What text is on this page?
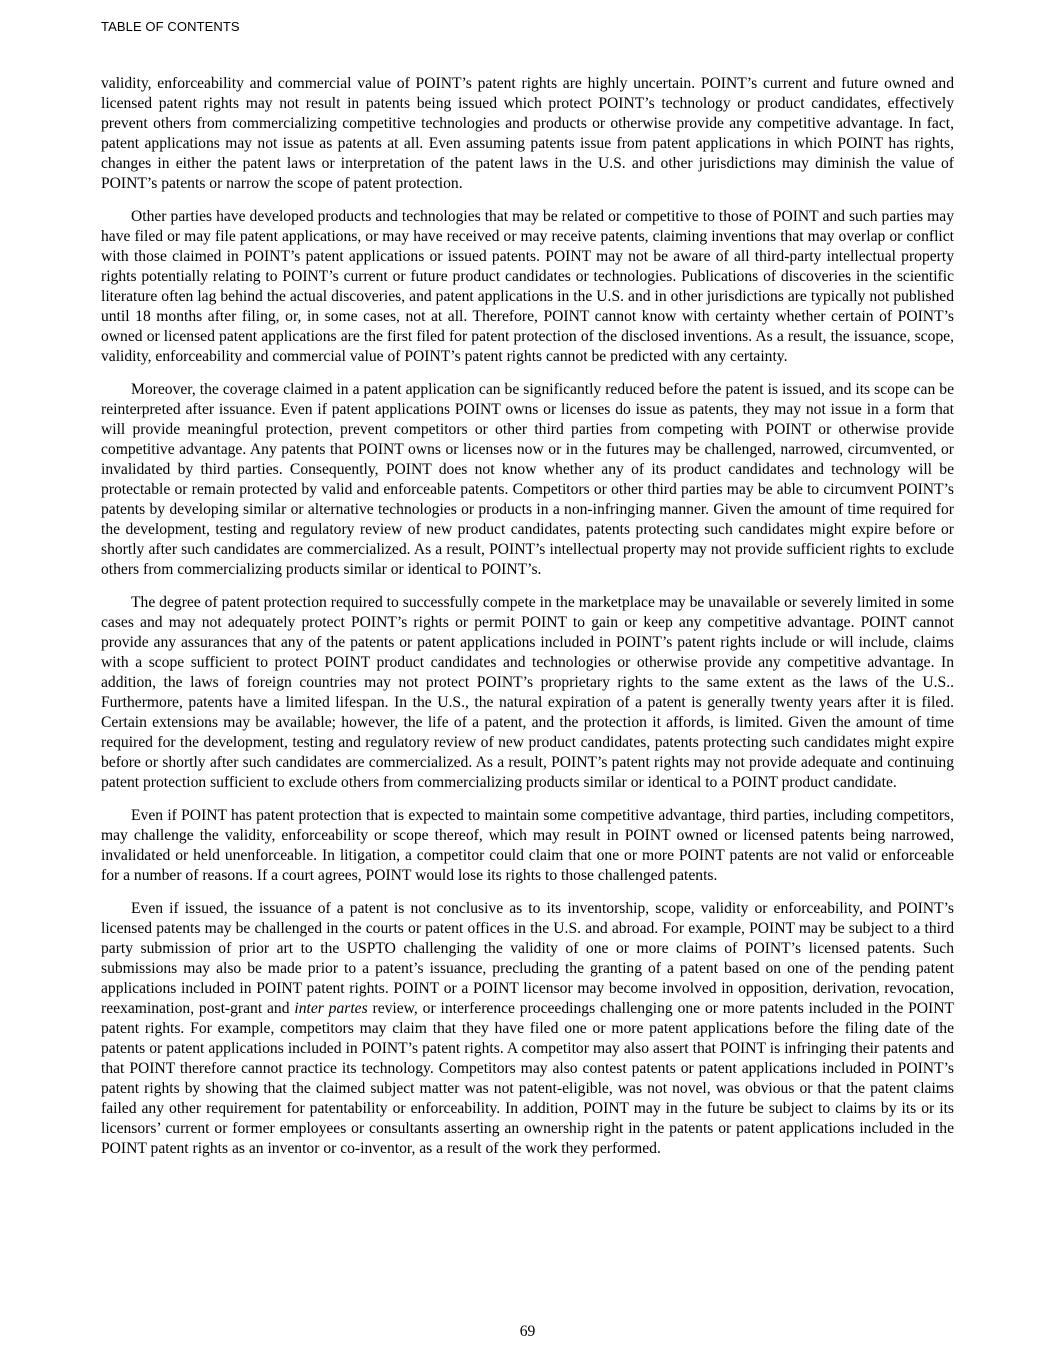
TABLE OF CONTENTS

validity, enforceability and commercial value of POINT’s patent rights are highly uncertain. POINT’s current and future owned and licensed patent rights may not result in patents being issued which protect POINT’s technology or product candidates, effectively prevent others from commercializing competitive technologies and products or otherwise provide any competitive advantage. In fact, patent applications may not issue as patents at all. Even assuming patents issue from patent applications in which POINT has rights, changes in either the patent laws or interpretation of the patent laws in the U.S. and other jurisdictions may diminish the value of POINT’s patents or narrow the scope of patent protection.

Other parties have developed products and technologies that may be related or competitive to those of POINT and such parties may have filed or may file patent applications, or may have received or may receive patents, claiming inventions that may overlap or conflict with those claimed in POINT’s patent applications or issued patents. POINT may not be aware of all third-party intellectual property rights potentially relating to POINT’s current or future product candidates or technologies. Publications of discoveries in the scientific literature often lag behind the actual discoveries, and patent applications in the U.S. and in other jurisdictions are typically not published until 18 months after filing, or, in some cases, not at all. Therefore, POINT cannot know with certainty whether certain of POINT’s owned or licensed patent applications are the first filed for patent protection of the disclosed inventions. As a result, the issuance, scope, validity, enforceability and commercial value of POINT’s patent rights cannot be predicted with any certainty.

Moreover, the coverage claimed in a patent application can be significantly reduced before the patent is issued, and its scope can be reinterpreted after issuance. Even if patent applications POINT owns or licenses do issue as patents, they may not issue in a form that will provide meaningful protection, prevent competitors or other third parties from competing with POINT or otherwise provide competitive advantage. Any patents that POINT owns or licenses now or in the futures may be challenged, narrowed, circumvented, or invalidated by third parties. Consequently, POINT does not know whether any of its product candidates and technology will be protectable or remain protected by valid and enforceable patents. Competitors or other third parties may be able to circumvent POINT’s patents by developing similar or alternative technologies or products in a non-infringing manner. Given the amount of time required for the development, testing and regulatory review of new product candidates, patents protecting such candidates might expire before or shortly after such candidates are commercialized. As a result, POINT’s intellectual property may not provide sufficient rights to exclude others from commercializing products similar or identical to POINT’s.

The degree of patent protection required to successfully compete in the marketplace may be unavailable or severely limited in some cases and may not adequately protect POINT’s rights or permit POINT to gain or keep any competitive advantage. POINT cannot provide any assurances that any of the patents or patent applications included in POINT’s patent rights include or will include, claims with a scope sufficient to protect POINT product candidates and technologies or otherwise provide any competitive advantage. In addition, the laws of foreign countries may not protect POINT’s proprietary rights to the same extent as the laws of the U.S.. Furthermore, patents have a limited lifespan. In the U.S., the natural expiration of a patent is generally twenty years after it is filed. Certain extensions may be available; however, the life of a patent, and the protection it affords, is limited. Given the amount of time required for the development, testing and regulatory review of new product candidates, patents protecting such candidates might expire before or shortly after such candidates are commercialized. As a result, POINT’s patent rights may not provide adequate and continuing patent protection sufficient to exclude others from commercializing products similar or identical to a POINT product candidate.

Even if POINT has patent protection that is expected to maintain some competitive advantage, third parties, including competitors, may challenge the validity, enforceability or scope thereof, which may result in POINT owned or licensed patents being narrowed, invalidated or held unenforceable. In litigation, a competitor could claim that one or more POINT patents are not valid or enforceable for a number of reasons. If a court agrees, POINT would lose its rights to those challenged patents.

Even if issued, the issuance of a patent is not conclusive as to its inventorship, scope, validity or enforceability, and POINT’s licensed patents may be challenged in the courts or patent offices in the U.S. and abroad. For example, POINT may be subject to a third party submission of prior art to the USPTO challenging the validity of one or more claims of POINT’s licensed patents. Such submissions may also be made prior to a patent’s issuance, precluding the granting of a patent based on one of the pending patent applications included in POINT patent rights. POINT or a POINT licensor may become involved in opposition, derivation, revocation, reexamination, post-grant and inter partes review, or interference proceedings challenging one or more patents included in the POINT patent rights. For example, competitors may claim that they have filed one or more patent applications before the filing date of the patents or patent applications included in POINT’s patent rights. A competitor may also assert that POINT is infringing their patents and that POINT therefore cannot practice its technology. Competitors may also contest patents or patent applications included in POINT’s patent rights by showing that the claimed subject matter was not patent-eligible, was not novel, was obvious or that the patent claims failed any other requirement for patentability or enforceability. In addition, POINT may in the future be subject to claims by its or its licensors’ current or former employees or consultants asserting an ownership right in the patents or patent applications included in the POINT patent rights as an inventor or co-inventor, as a result of the work they performed.

69
